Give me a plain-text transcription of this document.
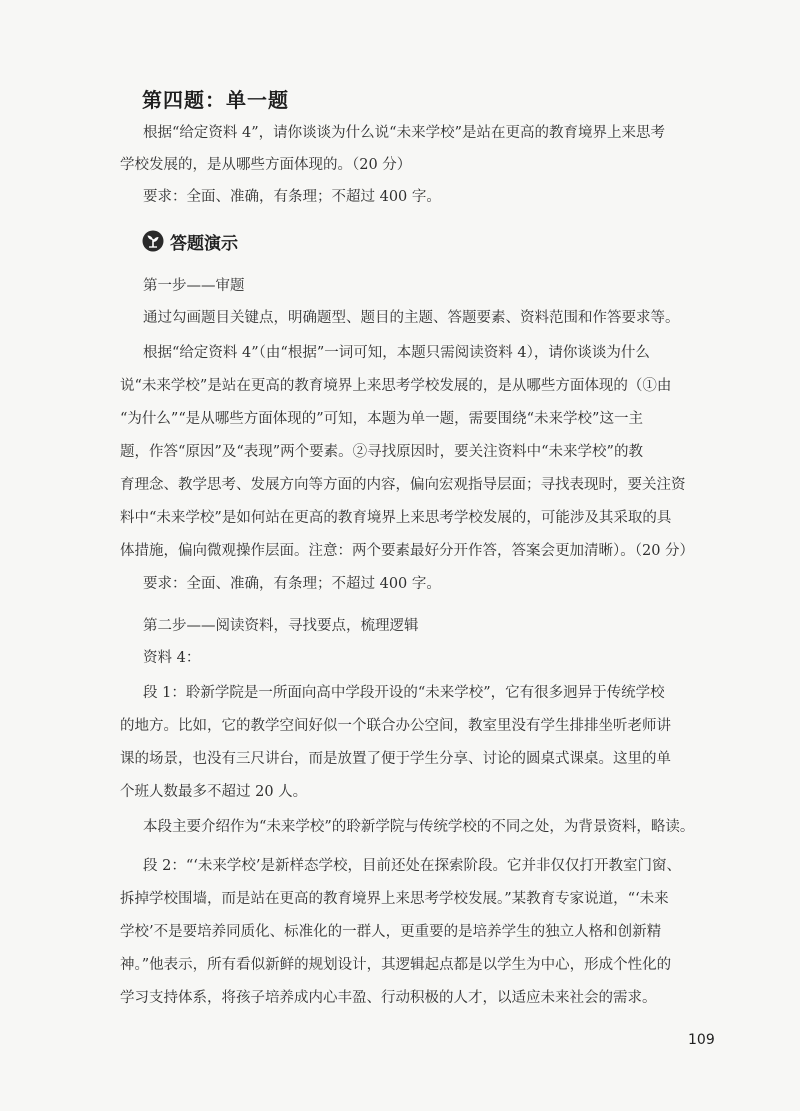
第四题：单一题
根据“给定资料 4”，请你谈谈为什么说“未来学校”是站在更高的教育境界上来思考
学校发展的，是从哪些方面体现的。（20 分）
要求：全面、准确，有条理；不超过 400 字。
答题演示
第一步——审题
通过勾画题目关键点，明确题型、题目的主题、答题要素、资料范围和作答要求等。
根据“给定资料 4”（由“根据”一词可知，本题只需阅读资料 4），请你谈谈为什么
说“未来学校”是站在更高的教育境界上来思考学校发展的，是从哪些方面体现的（①由
“为什么”“是从哪些方面体现的”可知，本题为单一题，需要围绕“未来学校”这一主
题，作答“原因”及“表现”两个要素。②寻找原因时，要关注资料中“未来学校”的教
育理念、教学思考、发展方向等方面的内容，偏向宏观指导层面；寻找表现时，要关注资
料中“未来学校”是如何站在更高的教育境界上来思考学校发展的，可能涉及其采取的具
体措施，偏向微观操作层面。注意：两个要素最好分开作答，答案会更加清晰）。（20 分）
要求：全面、准确，有条理；不超过 400 字。
第二步——阅读资料，寻找要点，梳理逻辑
资料 4：
段 1：聆新学院是一所面向高中学段开设的“未来学校”，它有很多迥异于传统学校
的地方。比如，它的教学空间好似一个联合办公空间，教室里没有学生排排坐听老师讲
课的场景，也没有三尺讲台，而是放置了便于学生分享、讨论的圆桌式课桌。这里的单
个班人数最多不超过 20 人。
本段主要介绍作为“未来学校”的聆新学院与传统学校的不同之处，为背景资料，略读。
段 2：“‘未来学校’是新样态学校，目前还处在探索阶段。它并非仅仅打开教室门窗、
拆掉学校围墙，而是站在更高的教育境界上来思考学校发展。”某教育专家说道，“‘未来
学校’不是要培养同质化、标准化的一群人，更重要的是培养学生的独立人格和创新精
神。”他表示，所有看似新鲜的规划设计，其逻辑起点都是以学生为中心，形成个性化的
学习支持体系，将孩子培养成内心丰盈、行动积极的人才，以适应未来社会的需求。
109
